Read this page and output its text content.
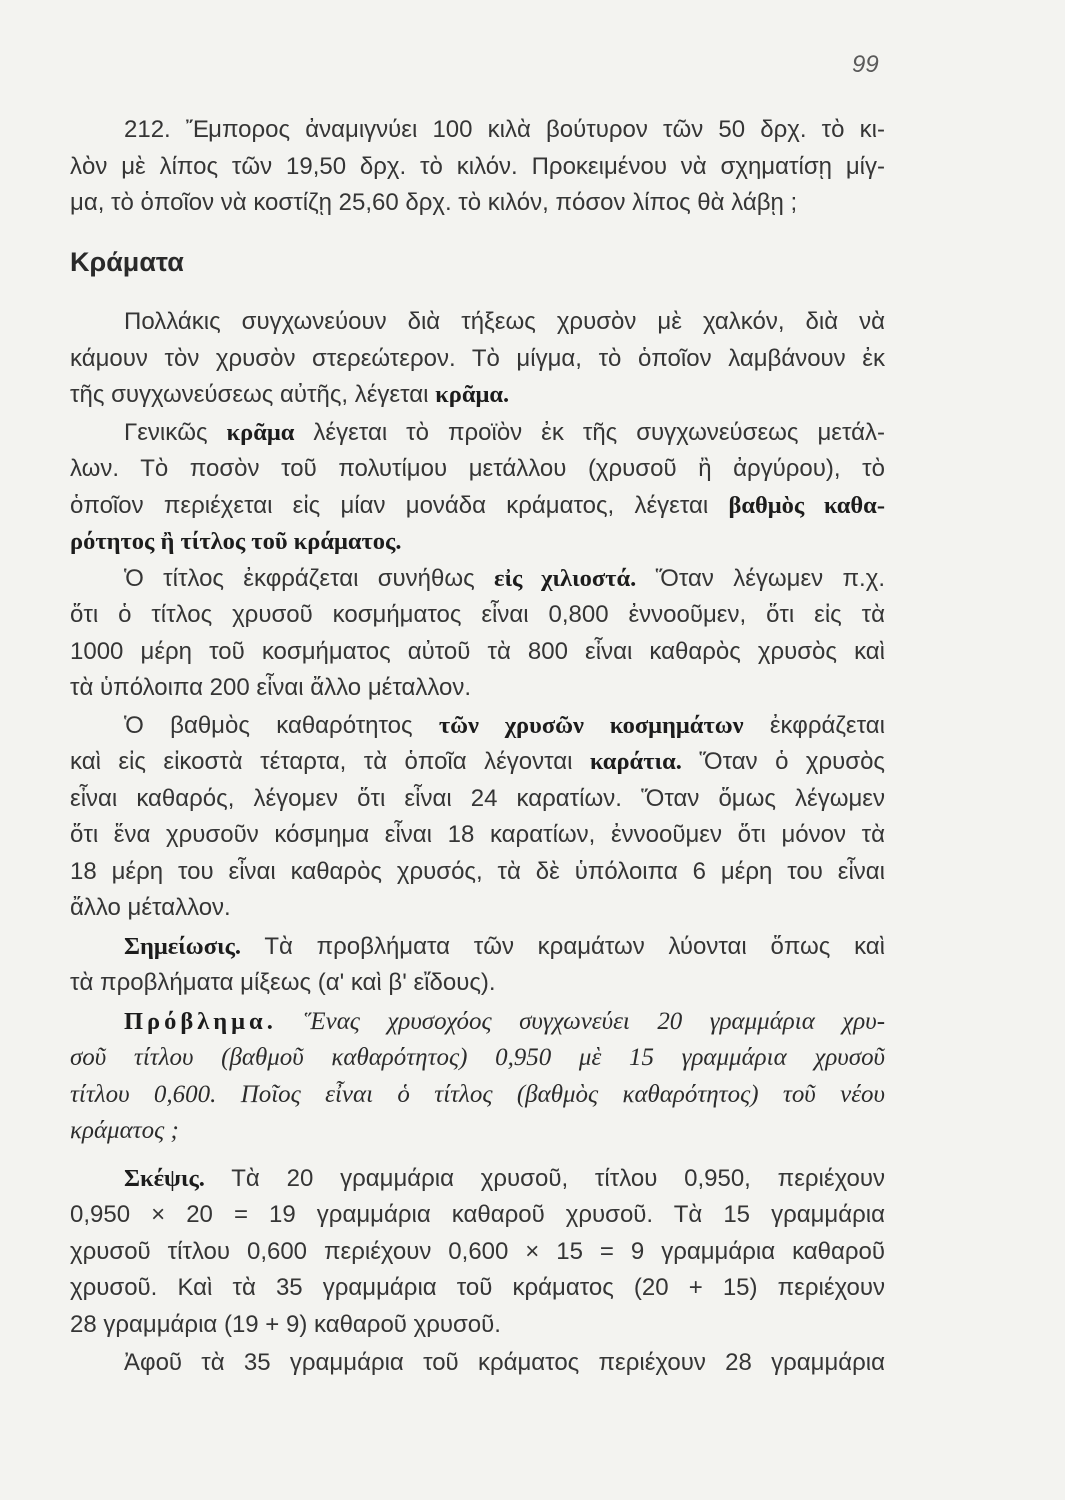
99
212. Ἔμπορος ἀναμιγνύει 100 κιλὰ βούτυρον τῶν 50 δρχ. τὸ κι-
λὸν μὲ λίπος τῶν 19,50 δρχ. τὸ κιλόν. Προκειμένου νὰ σχηματίσῃ μίγ-
μα, τὸ ὁποῖον νὰ κοστίζῃ 25,60 δρχ. τὸ κιλόν, πόσον λίπος θὰ λάβῃ ;
Κράματα
Πολλάκις συγχωνεύουν διὰ τήξεως χρυσὸν μὲ χαλκόν, διὰ νὰ
κάμουν τὸν χρυσὸν στερεώτερον. Τὸ μίγμα, τὸ ὁποῖον λαμβάνουν ἐκ
τῆς συγχωνεύσεως αὐτῆς, λέγεται κρᾶμα.
Γενικῶς κρᾶμα λέγεται τὸ προϊὸν ἐκ τῆς συγχωνεύσεως μετάλ-
λων. Τὸ ποσὸν τοῦ πολυτίμου μετάλλου (χρυσοῦ ἢ ἀργύρου), τὸ
ὁποῖον περιέχεται εἰς μίαν μονάδα κράματος, λέγεται βαθμὸς καθα-
ρότητος ἢ τίτλος τοῦ κράματος.
Ὁ τίτλος ἐκφράζεται συνήθως εἰς χιλιοστά. Ὅταν λέγωμεν π.χ.
ὅτι ὁ τίτλος χρυσοῦ κοσμήματος εἶναι 0,800 ἐννοοῦμεν, ὅτι εἰς τὰ
1000 μέρη τοῦ κοσμήματος αὐτοῦ τὰ 800 εἶναι καθαρὸς χρυσὸς καὶ
τὰ ὑπόλοιπα 200 εἶναι ἄλλο μέταλλον.
Ὁ βαθμὸς καθαρότητος τῶν χρυσῶν κοσμημάτων ἐκφράζεται
καὶ εἰς εἰκοστὰ τέταρτα, τὰ ὁποῖα λέγονται καράτια. Ὅταν ὁ χρυσὸς
εἶναι καθαρός, λέγομεν ὅτι εἶναι 24 καρατίων. Ὅταν ὅμως λέγωμεν
ὅτι ἕνα χρυσοῦν κόσμημα εἶναι 18 καρατίων, ἐννοοῦμεν ὅτι μόνον τὰ
18 μέρη του εἶναι καθαρὸς χρυσός, τὰ δὲ ὑπόλοιπα 6 μέρη του εἶναι
ἄλλο μέταλλον.
Σημείωσις. Τὰ προβλήματα τῶν κραμάτων λύονται ὅπως καὶ
τὰ προβλήματα μίξεως (α' καὶ β' εἴδους).
Πρόβλημα. Ἕνας χρυσοχόος συγχωνεύει 20 γραμμάρια χρυ-
σοῦ τίτλου (βαθμοῦ καθαρότητος) 0,950 μὲ 15 γραμμάρια χρυσοῦ
τίτλου 0,600. Ποῖος εἶναι ὁ τίτλος (βαθμὸς καθαρότητος) τοῦ νέου
κράματος ;
Σκέψις. Τὰ 20 γραμμάρια χρυσοῦ, τίτλου 0,950, περιέχουν
0,950 × 20 = 19 γραμμάρια καθαροῦ χρυσοῦ. Τὰ 15 γραμμάρια
χρυσοῦ τίτλου 0,600 περιέχουν 0,600 × 15 = 9 γραμμάρια καθαροῦ
χρυσοῦ. Καὶ τὰ 35 γραμμάρια τοῦ κράματος (20 + 15) περιέχουν
28 γραμμάρια (19 + 9) καθαροῦ χρυσοῦ.
Ἀφοῦ τὰ 35 γραμμάρια τοῦ κράματος περιέχουν 28 γραμμάρια
